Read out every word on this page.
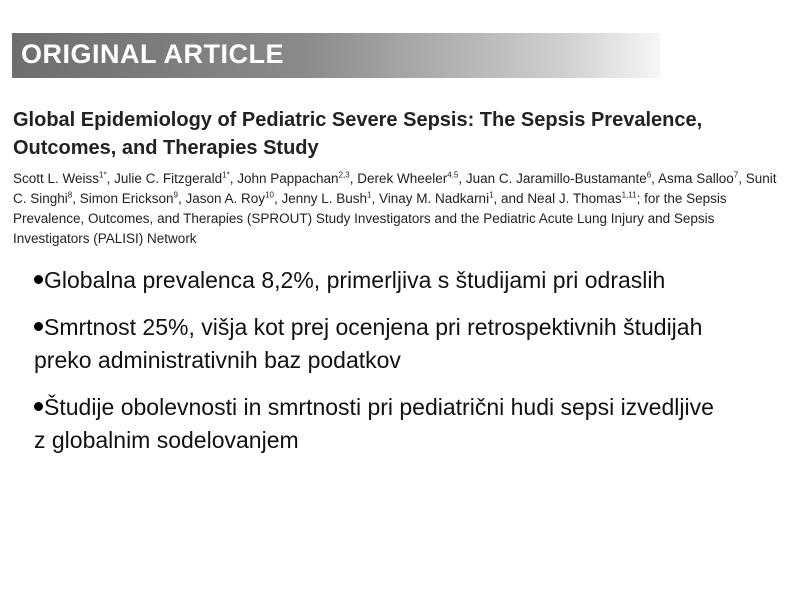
ORIGINAL ARTICLE
Global Epidemiology of Pediatric Severe Sepsis: The Sepsis Prevalence, Outcomes, and Therapies Study
Scott L. Weiss$^{1*}$, Julie C. Fitzgerald$^{1*}$, John Pappachan$^{2,3}$, Derek Wheeler$^{4,5}$, Juan C. Jaramillo-Bustamante$^6$, Asma Salloo$^7$, Sunit C. Singhi$^8$, Simon Erickson$^9$, Jason A. Roy$^{10}$, Jenny L. Bush$^1$, Vinay M. Nadkarni$^1$, and Neal J. Thomas$^{1,11}$; for the Sepsis Prevalence, Outcomes, and Therapies (SPROUT) Study Investigators and the Pediatric Acute Lung Injury and Sepsis Investigators (PALISI) Network
Globalna prevalenca 8,2%, primerljiva s študijami pri odraslih
Smrtnost 25%, višja kot prej ocenjena pri retrospektivnih študijah preko administrativnih baz podatkov
Študije obolevnosti in smrtnosti pri pediatrični hudi sepsi izvedljive z globalnim sodelovanjem
